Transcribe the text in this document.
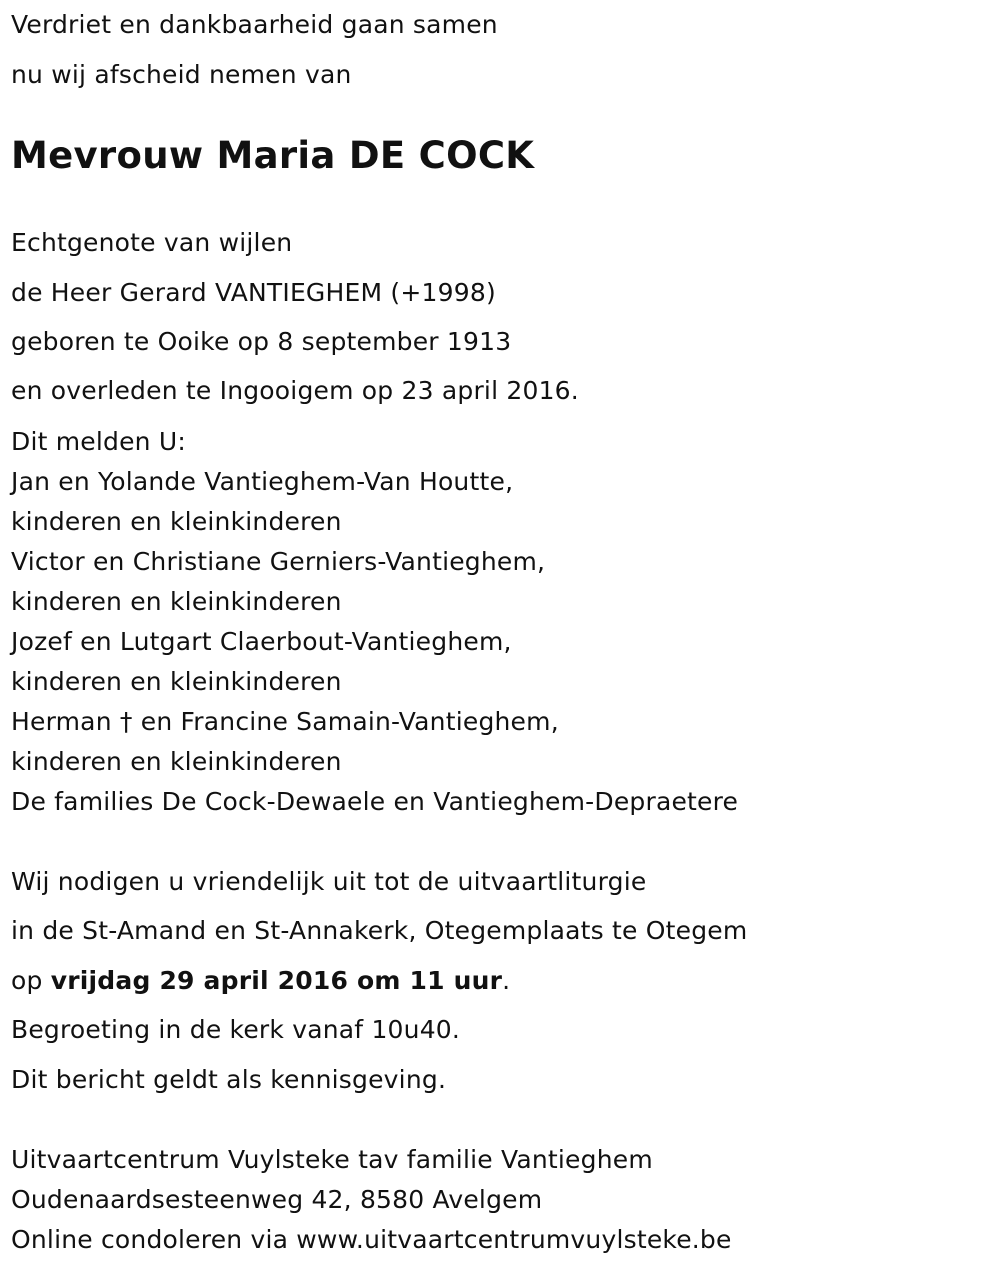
Verdriet en dankbaarheid gaan samen
nu wij afscheid nemen van
Mevrouw Maria DE COCK
Echtgenote van wijlen
de Heer Gerard VANTIEGHEM (+1998)
geboren te Ooike op 8 september 1913
en overleden te Ingooigem op 23 april 2016.
Dit melden U:
Jan en Yolande Vantieghem-Van Houtte,
kinderen en kleinkinderen
Victor en Christiane Gerniers-Vantieghem,
kinderen en kleinkinderen
Jozef en Lutgart Claerbout-Vantieghem,
kinderen en kleinkinderen
Herman † en Francine Samain-Vantieghem,
kinderen en kleinkinderen
De families De Cock-Dewaele en Vantieghem-Depraetere
Wij nodigen u vriendelijk uit tot de uitvaartliturgie
in de St-Amand en St-Annakerk, Otegemplaats te Otegem
op vrijdag 29 april 2016 om 11 uur.
Begroeting in de kerk vanaf 10u40.
Dit bericht geldt als kennisgeving.
Uitvaartcentrum Vuylsteke tav familie Vantieghem
Oudenaardsesteenweg 42, 8580 Avelgem
Online condoleren via www.uitvaartcentrumvuylsteke.be
